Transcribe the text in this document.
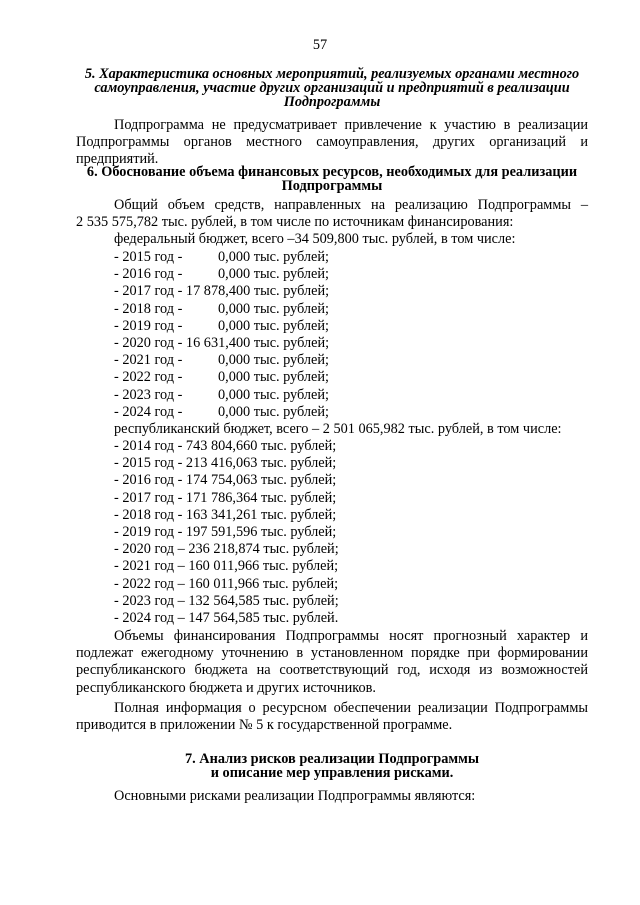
57
5. Характеристика основных мероприятий, реализуемых органами местного
самоуправления, участие других организаций и предприятий в реализации
Подпрограммы
Подпрограмма не предусматривает привлечение к участию в реализации
Подпрограммы органов местного самоуправления, других организаций и
предприятий.
6. Обоснование объема финансовых ресурсов, необходимых для реализации
Подпрограммы
Общий объем средств, направленных на реализацию Подпрограммы –
2 535 575,782 тыс. рублей, в том числе по источникам финансирования:
федеральный бюджет, всего –34 509,800 тыс. рублей, в том числе:
- 2015 год - 0,000 тыс. рублей;
- 2016 год - 0,000 тыс. рублей;
- 2017 год - 17 878,400 тыс. рублей;
- 2018 год - 0,000 тыс. рублей;
- 2019 год - 0,000 тыс. рублей;
- 2020 год - 16 631,400 тыс. рублей;
- 2021 год - 0,000 тыс. рублей;
- 2022 год - 0,000 тыс. рублей;
- 2023 год - 0,000 тыс. рублей;
- 2024 год - 0,000 тыс. рублей;
республиканский бюджет, всего – 2 501 065,982 тыс. рублей, в том числе:
- 2014 год - 743 804,660 тыс. рублей;
- 2015 год - 213 416,063 тыс. рублей;
- 2016 год - 174 754,063 тыс. рублей;
- 2017 год - 171 786,364 тыс. рублей;
- 2018 год - 163 341,261 тыс. рублей;
- 2019 год - 197 591,596 тыс. рублей;
- 2020 год – 236 218,874 тыс. рублей;
- 2021 год – 160 011,966 тыс. рублей;
- 2022 год – 160 011,966 тыс. рублей;
- 2023 год – 132 564,585 тыс. рублей;
- 2024 год – 147 564,585 тыс. рублей.
Объемы финансирования Подпрограммы носят прогнозный характер и
подлежат ежегодному уточнению в установленном порядке при формировании
республиканского бюджета на соответствующий год, исходя из возможностей
республиканского бюджета и других источников.
Полная информация о ресурсном обеспечении реализации Подпрограммы
приводится в приложении № 5 к государственной программе.
7. Анализ рисков реализации Подпрограммы
и описание мер управления рисками.
Основными рисками реализации Подпрограммы являются:
